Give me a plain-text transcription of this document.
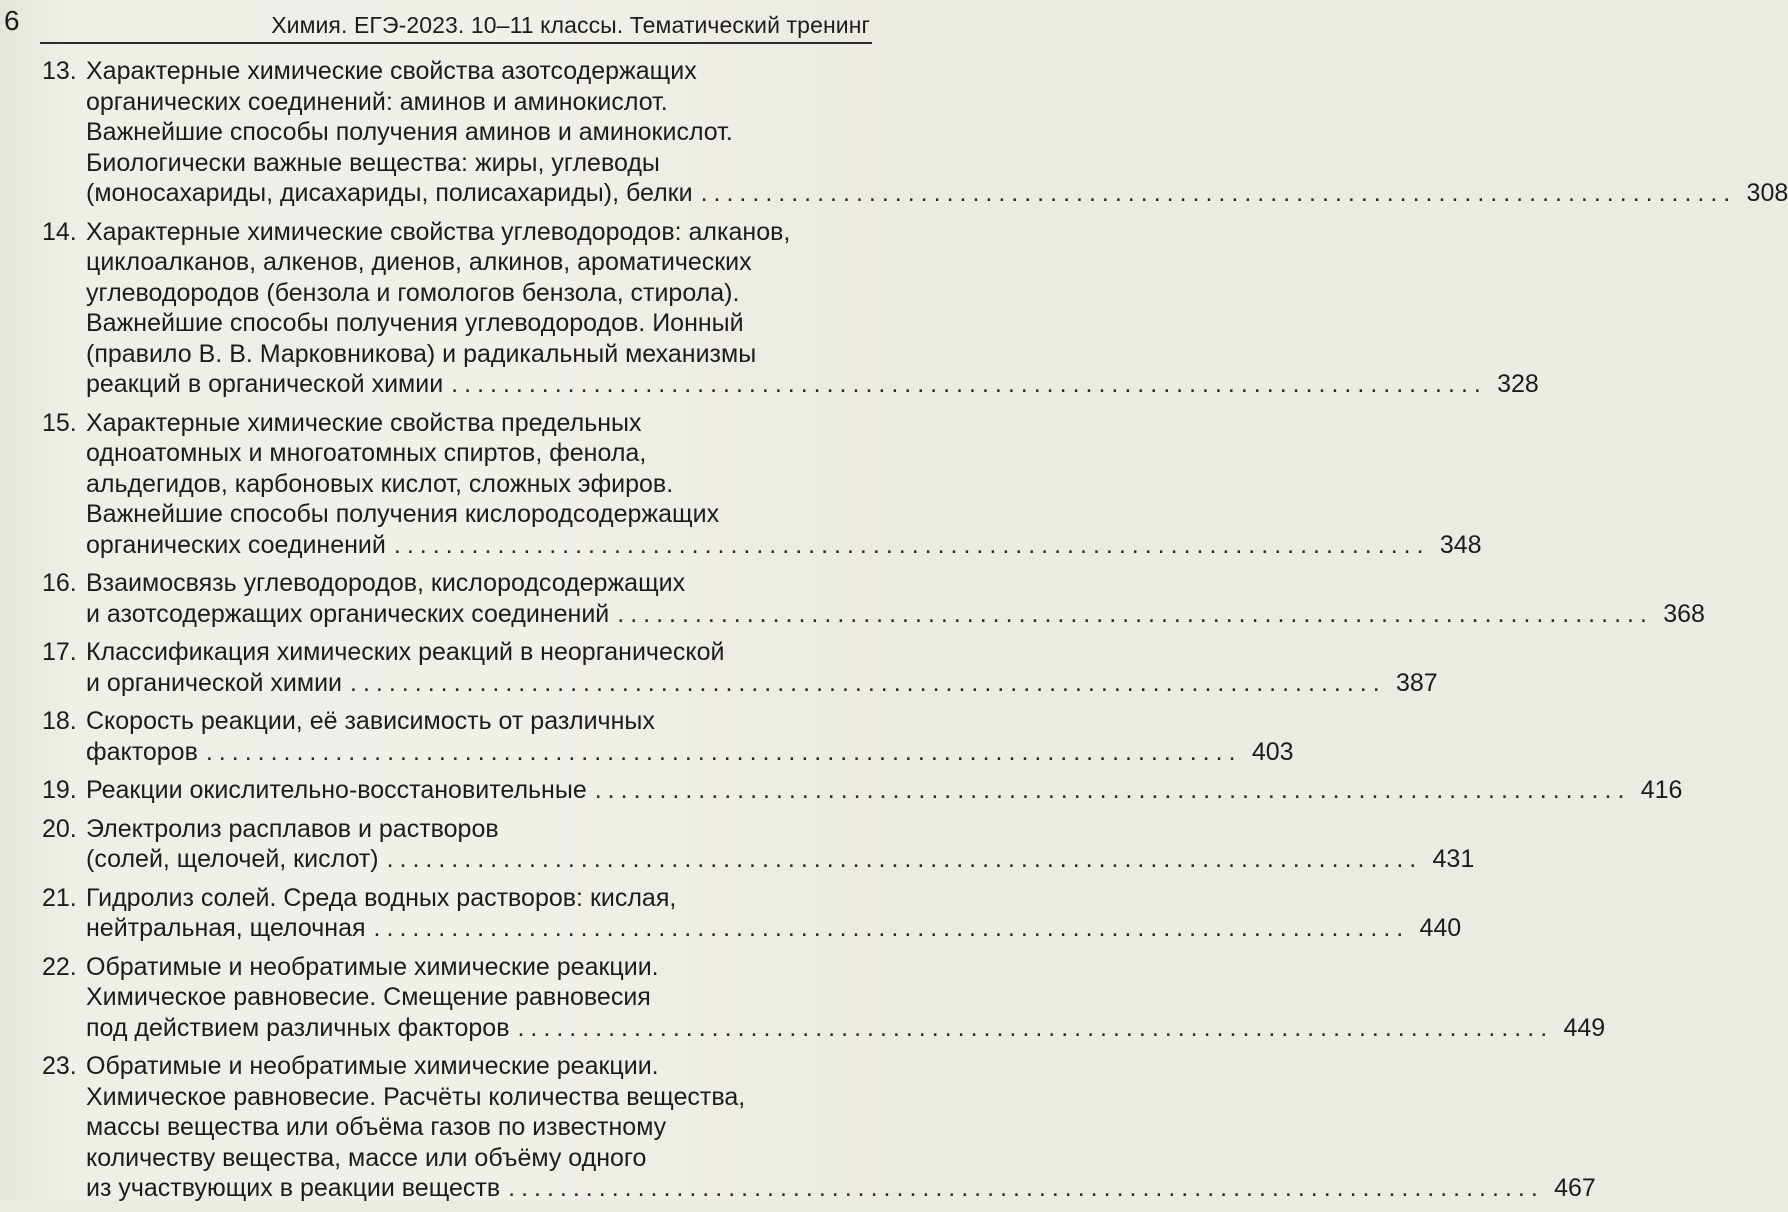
6	Химия. ЕГЭ-2023. 10–11 классы. Тематический тренинг
13. Характерные химические свойства азотсодержащих
органических соединений: аминов и аминокислот.
Важнейшие способы получения аминов и аминокислот.
Биологически важные вещества: жиры, углеводы
(моносахариды, дисахариды, полисахариды), белки ................................................................................ 308
14. Характерные химические свойства углеводородов: алканов,
циклоалканов, алкенов, диенов, алкинов, ароматических
углеводородов (бензола и гомологов бензола, стирола).
Важнейшие способы получения углеводородов. Ионный
(правило В. В. Марковникова) и радикальный механизмы
реакций в органической химии ................................................................................ 328
15. Характерные химические свойства предельных
одноатомных и многоатомных спиртов, фенола,
альдегидов, карбоновых кислот, сложных эфиров.
Важнейшие способы получения кислородсодержащих
органических соединений ................................................................................ 348
16. Взаимосвязь углеводородов, кислородсодержащих
и азотсодержащих органических соединений ................................................................................ 368
17. Классификация химических реакций в неорганической
и органической химии ................................................................................ 387
18. Скорость реакции, её зависимость от различных
факторов ................................................................................ 403
19. Реакции окислительно-восстановительные ................................................................................ 416
20. Электролиз расплавов и растворов
(солей, щелочей, кислот) ................................................................................ 431
21. Гидролиз солей. Среда водных растворов: кислая,
нейтральная, щелочная ................................................................................ 440
22. Обратимые и необратимые химические реакции.
Химическое равновесие. Смещение равновесия
под действием различных факторов ................................................................................ 449
23. Обратимые и необратимые химические реакции.
Химическое равновесие. Расчёты количества вещества,
массы вещества или объёма газов по известному
количеству вещества, массе или объёму одного
из участвующих в реакции веществ ................................................................................ 467
